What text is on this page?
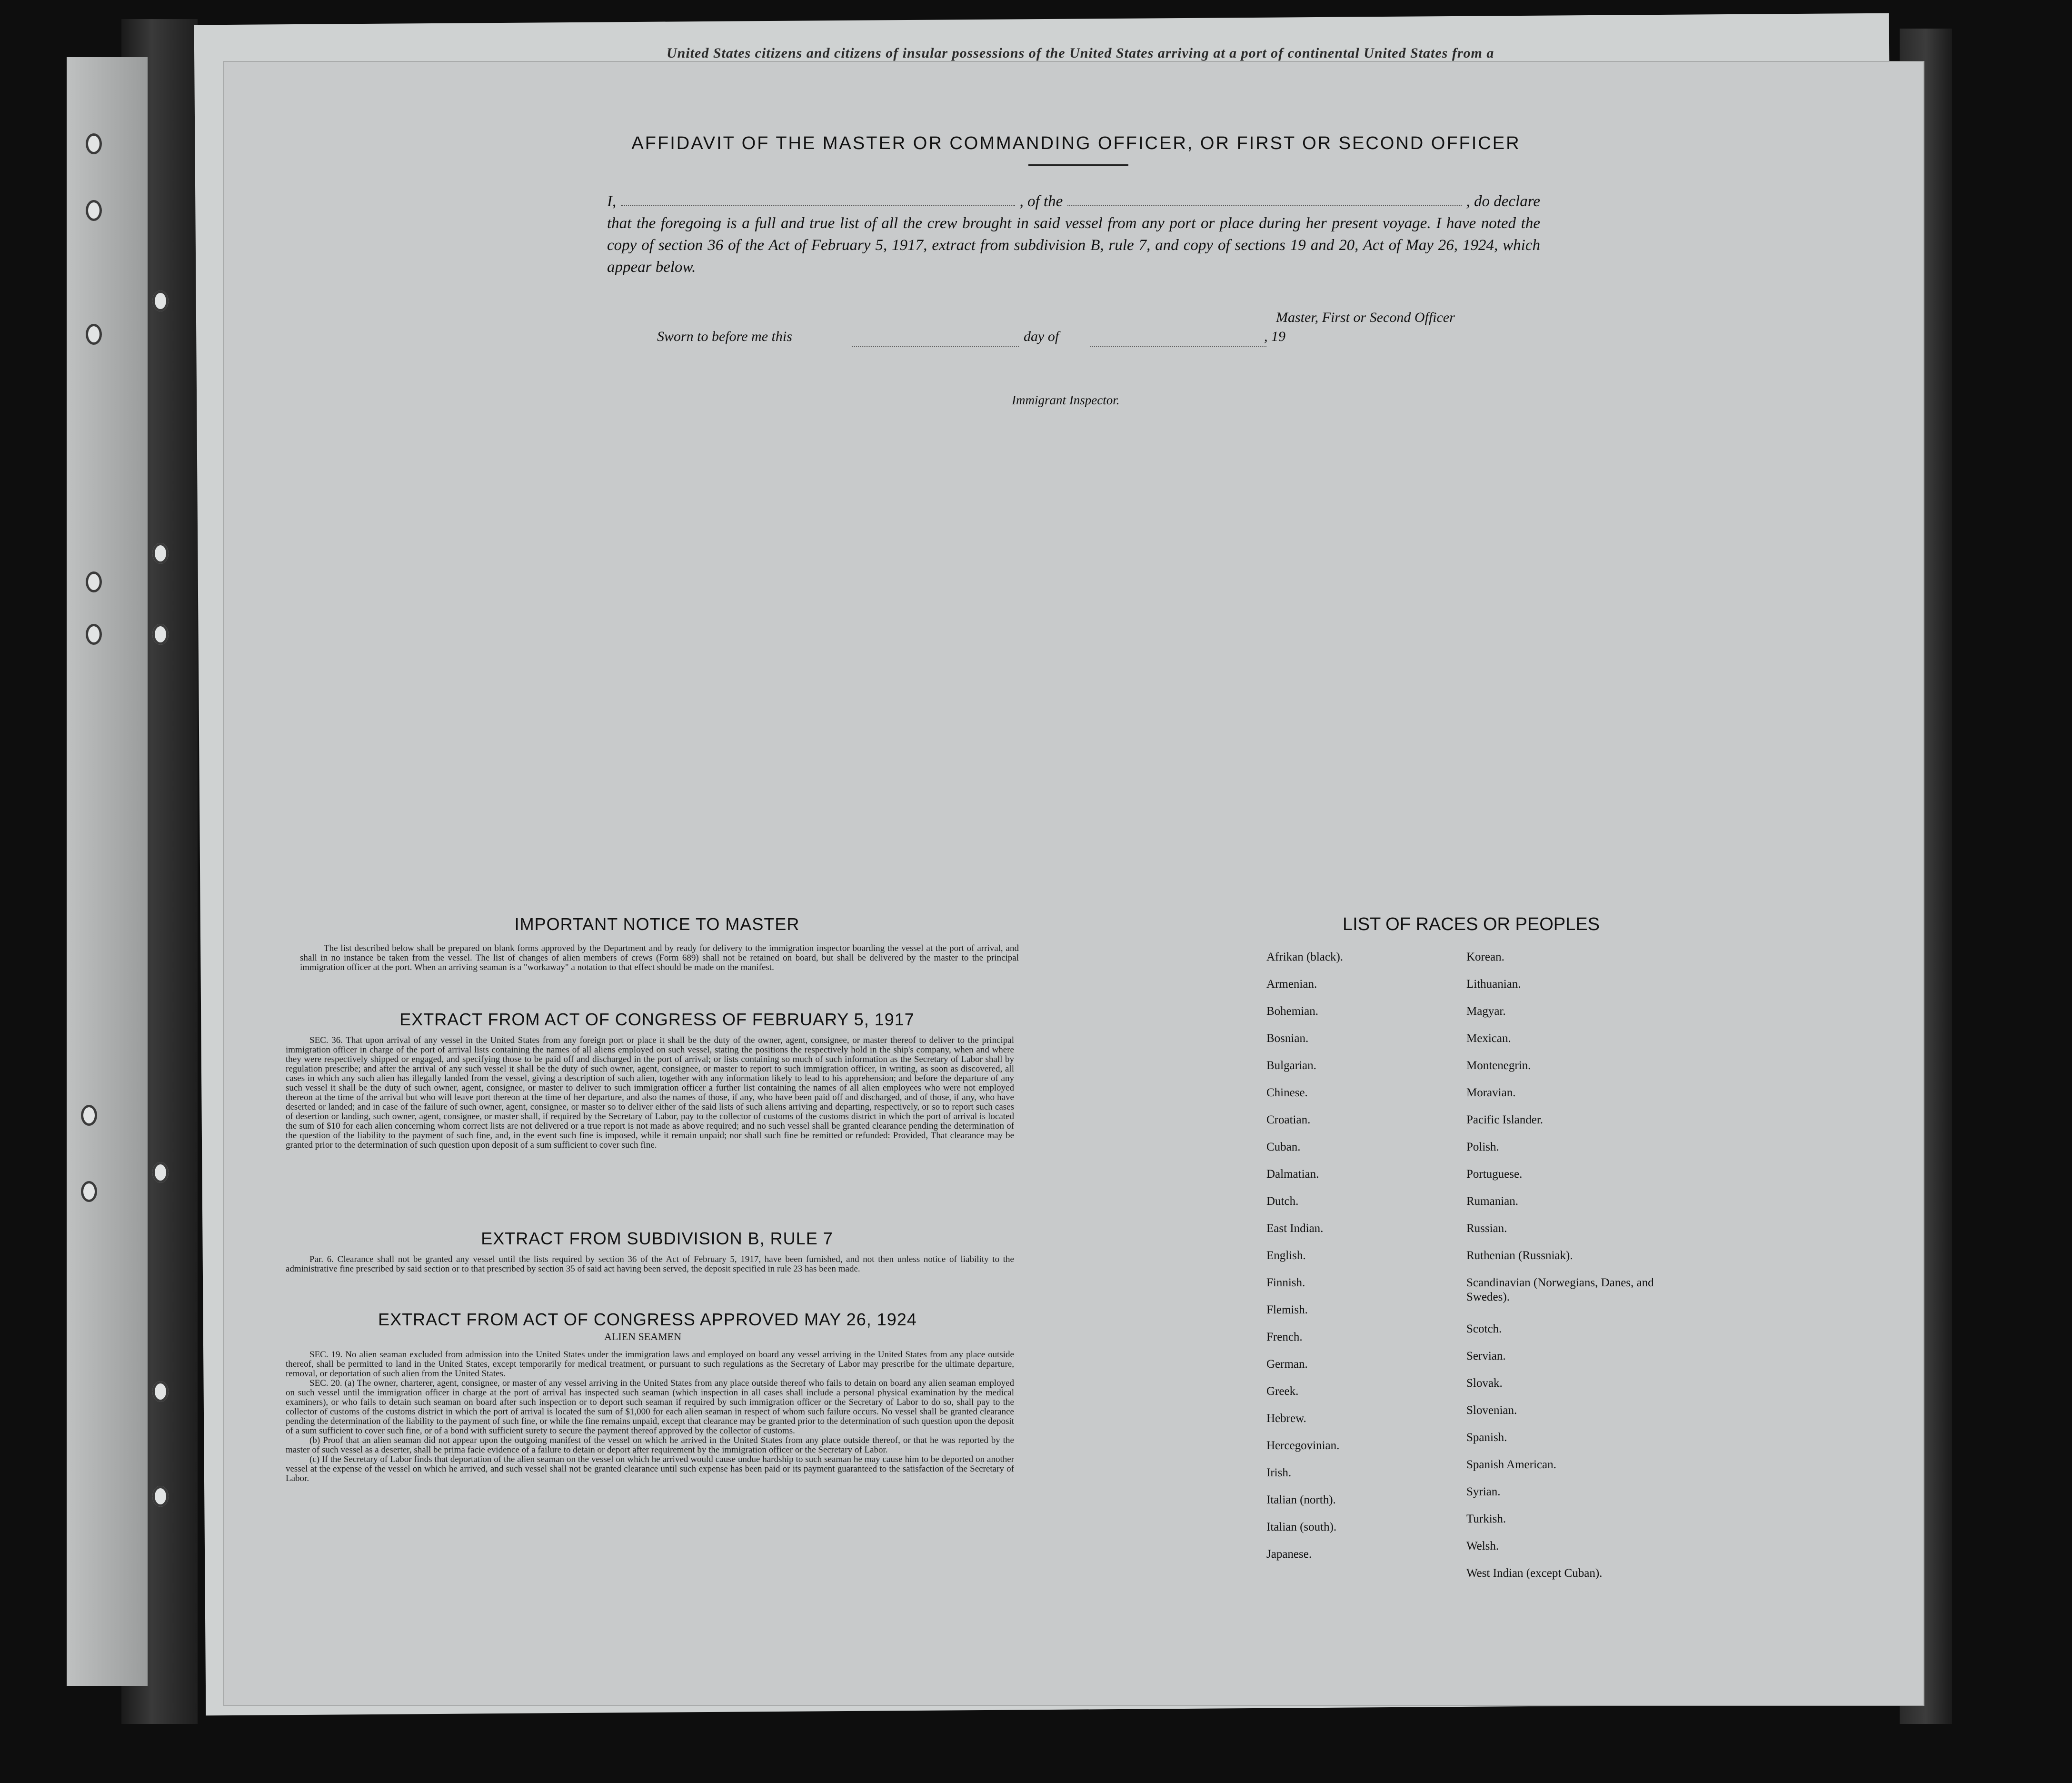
United States citizens and citizens of insular possessions of the United States arriving at a port of continental United States from a
AFFIDAVIT OF THE MASTER OR COMMANDING OFFICER, OR FIRST OR SECOND OFFICER
I,	, of the	, do declare
that the foregoing is a full and true list of all the crew brought in said vessel from any port or place during her present voyage. I have noted the copy of section 36 of the Act of February 5, 1917, extract from subdivision B, rule 7, and copy of sections 19 and 20, Act of May 26, 1924, which appear below.
Master, First or Second Officer
Sworn to before me this	day of	, 19
Immigrant Inspector.
IMPORTANT NOTICE TO MASTER
The list described below shall be prepared on blank forms approved by the Department and by ready for delivery to the immigration inspector boarding the vessel at the port of arrival, and shall in no instance be taken from the vessel. The list of changes of alien members of crews (Form 689) shall not be retained on board, but shall be delivered by the master to the principal immigration officer at the port. When an arriving seaman is a "workaway" a notation to that effect should be made on the manifest.
EXTRACT FROM ACT OF CONGRESS OF FEBRUARY 5, 1917
SEC. 36. That upon arrival of any vessel in the United States from any foreign port or place it shall be the duty of the owner, agent, consignee, or master thereof to deliver to the principal immigration officer in charge of the port of arrival lists containing the names of all aliens employed on such vessel, stating the positions the respectively hold in the ship's company, when and where they were respectively shipped or engaged, and specifying those to be paid off and discharged in the port of arrival; or lists containing so much of such information as the Secretary of Labor shall by regulation prescribe; and after the arrival of any such vessel it shall be the duty of such owner, agent, consignee, or master to report to such immigration officer, in writing, as soon as discovered, all cases in which any such alien has illegally landed from the vessel, giving a description of such alien, together with any information likely to lead to his apprehension; and before the departure of any such vessel it shall be the duty of such owner, agent, consignee, or master to deliver to such immigration officer a further list containing the names of all alien employees who were not employed thereon at the time of the arrival but who will leave port thereon at the time of her departure, and also the names of those, if any, who have been paid off and discharged, and of those, if any, who have deserted or landed; and in case of the failure of such owner, agent, consignee, or master so to deliver either of the said lists of such aliens arriving and departing, respectively, or so to report such cases of desertion or landing, such owner, agent, consignee, or master shall, if required by the Secretary of Labor, pay to the collector of customs of the customs district in which the port of arrival is located the sum of $10 for each alien concerning whom correct lists are not delivered or a true report is not made as above required; and no such vessel shall be granted clearance pending the determination of the question of the liability to the payment of such fine, and, in the event such fine is imposed, while it remain unpaid; nor shall such fine be remitted or refunded: Provided, That clearance may be granted prior to the determination of such question upon deposit of a sum sufficient to cover such fine.
EXTRACT FROM SUBDIVISION B, RULE 7
Par. 6. Clearance shall not be granted any vessel until the lists required by section 36 of the Act of February 5, 1917, have been furnished, and not then unless notice of liability to the administrative fine prescribed by said section or to that prescribed by section 35 of said act having been served, the deposit specified in rule 23 has been made.
EXTRACT FROM ACT OF CONGRESS APPROVED MAY 26, 1924
ALIEN SEAMEN
SEC. 19. No alien seaman excluded from admission into the United States under the immigration laws and employed on board any vessel arriving in the United States from any place outside thereof, shall be permitted to land in the United States, except temporarily for medical treatment, or pursuant to such regulations as the Secretary of Labor may prescribe for the ultimate departure, removal, or deportation of such alien from the United States.
SEC. 20. (a) The owner, charterer, agent, consignee, or master of any vessel arriving in the United States from any place outside thereof who fails to detain on board any alien seaman employed on such vessel until the immigration officer in charge at the port of arrival has inspected such seaman (which inspection in all cases shall include a personal physical examination by the medical examiners), or who fails to detain such seaman on board after such inspection or to deport such seaman if required by such immigration officer or the Secretary of Labor to do so, shall pay to the collector of customs of the customs district in which the port of arrival is located the sum of $1,000 for each alien seaman in respect of whom such failure occurs. No vessel shall be granted clearance pending the determination of the liability to the payment of such fine, or while the fine remains unpaid, except that clearance may be granted prior to the determination of such question upon the deposit of a sum sufficient to cover such fine, or of a bond with sufficient surety to secure the payment thereof approved by the collector of customs.
(b) Proof that an alien seaman did not appear upon the outgoing manifest of the vessel on which he arrived in the United States from any place outside thereof, or that he was reported by the master of such vessel as a deserter, shall be prima facie evidence of a failure to detain or deport after requirement by the immigration officer or the Secretary of Labor.
(c) If the Secretary of Labor finds that deportation of the alien seaman on the vessel on which he arrived would cause undue hardship to such seaman he may cause him to be deported on another vessel at the expense of the vessel on which he arrived, and such vessel shall not be granted clearance until such expense has been paid or its payment guaranteed to the satisfaction of the Secretary of Labor.
LIST OF RACES OR PEOPLES
Afrikan (black).
Armenian.
Bohemian.
Bosnian.
Bulgarian.
Chinese.
Croatian.
Cuban.
Dalmatian.
Dutch.
East Indian.
English.
Finnish.
Flemish.
French.
German.
Greek.
Hebrew.
Hercegovinian.
Irish.
Italian (north).
Italian (south).
Japanese.
Korean.
Lithuanian.
Magyar.
Mexican.
Montenegrin.
Moravian.
Pacific Islander.
Polish.
Portuguese.
Rumanian.
Russian.
Ruthenian (Russniak).
Scandinavian (Norwegians, Danes, and Swedes).
Scotch.
Servian.
Slovak.
Slovenian.
Spanish.
Spanish American.
Syrian.
Turkish.
Welsh.
West Indian (except Cuban).
